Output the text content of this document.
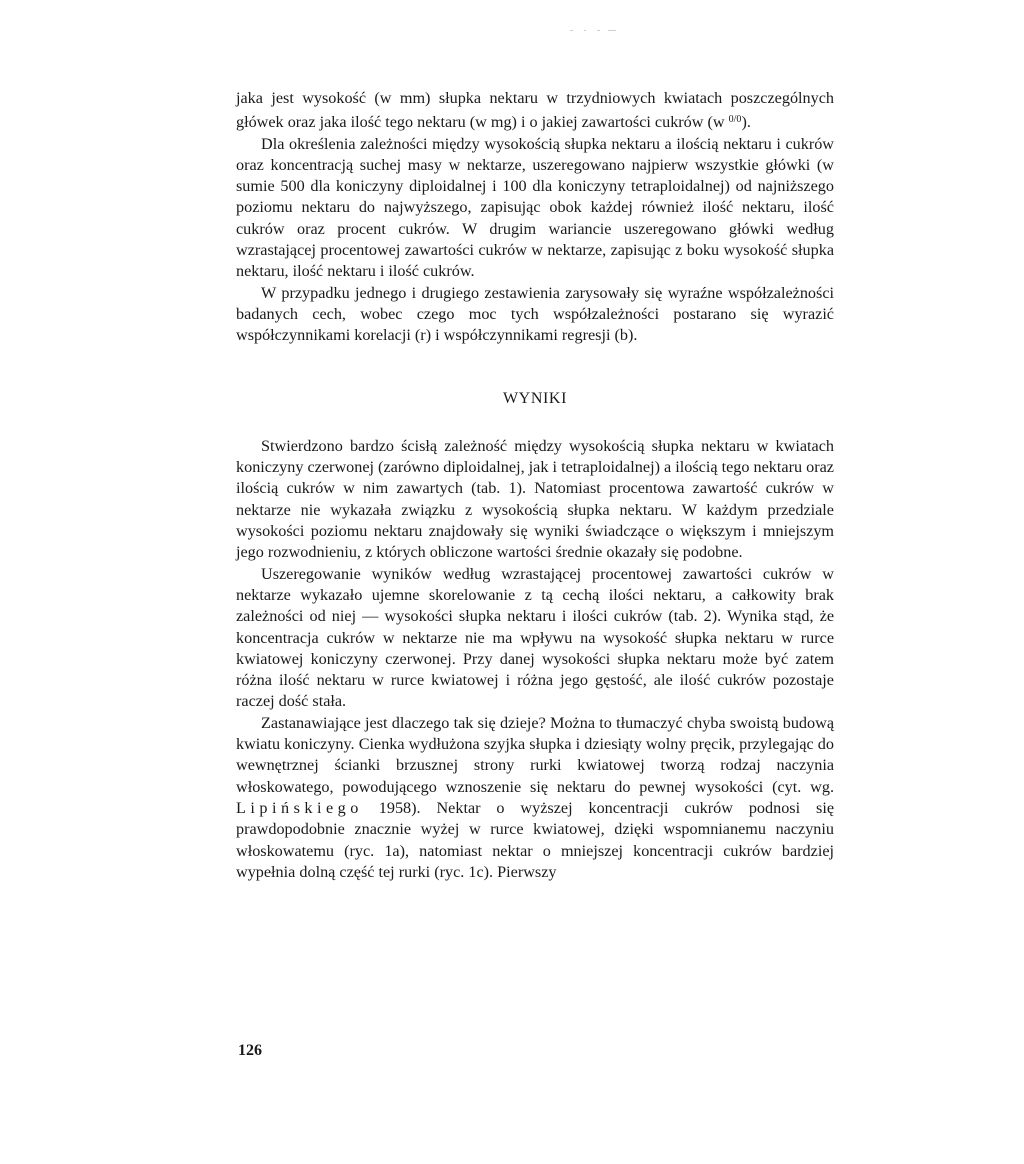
jaka jest wysokość (w mm) słupka nektaru w trzydniowych kwiatach poszczególnych główek oraz jaka ilość tego nektaru (w mg) i o jakiej zawartości cukrów (w $^{0/0}$).

Dla określenia zależności między wysokością słupka nektaru a ilością nektaru i cukrów oraz koncentracją suchej masy w nektarze, uszeregowano najpierw wszystkie główki (w sumie 500 dla koniczyny diploidalnej i 100 dla koniczyny tetraploidalnej) od najniższego poziomu nektaru do najwyższego, zapisując obok każdej również ilość nektaru, ilość cukrów oraz procent cukrów. W drugim wariancie uszeregowano główki według wzrastającej procentowej zawartości cukrów w nektarze, zapisując z boku wysokość słupka nektaru, ilość nektaru i ilość cukrów.

W przypadku jednego i drugiego zestawienia zarysowały się wyraźne współzależności badanych cech, wobec czego moc tych współzależności postarano się wyrazić współczynnikami korelacji (r) i współczynnikami regresji (b).

WYNIKI

Stwierdzono bardzo ścisłą zależność między wysokością słupka nektaru w kwiatach koniczyny czerwonej (zarówno diploidalnej, jak i tetraploidalnej) a ilością tego nektaru oraz ilością cukrów w nim zawartych (tab. 1). Natomiast procentowa zawartość cukrów w nektarze nie wykazała związku z wysokością słupka nektaru. W każdym przedziale wysokości poziomu nektaru znajdowały się wyniki świadczące o większym i mniejszym jego rozwodnieniu, z których obliczone wartości średnie okazały się podobne.

Uszeregowanie wyników według wzrastającej procentowej zawartości cukrów w nektarze wykazało ujemne skorelowanie z tą cechą ilości nektaru, a całkowity brak zależności od niej — wysokości słupka nektaru i ilości cukrów (tab. 2). Wynika stąd, że koncentracja cukrów w nektarze nie ma wpływu na wysokość słupka nektaru w rurce kwiatowej koniczyny czerwonej. Przy danej wysokości słupka nektaru może być zatem różna ilość nektaru w rurce kwiatowej i różna jego gęstość, ale ilość cukrów pozostaje raczej dość stała.

Zastanawiające jest dlaczego tak się dzieje? Można to tłumaczyć chyba swoistą budową kwiatu koniczyny. Cienka wydłużona szyjka słupka i dziesiąty wolny pręcik, przylegając do wewnętrznej ścianki brzusznej strony rurki kwiatowej tworzą rodzaj naczynia włoskowatego, powodującego wznoszenie się nektaru do pewnej wysokości (cyt. wg. Lipińskiego 1958). Nektar o wyższej koncentracji cukrów podnosi się prawdopodobnie znacznie wyżej w rurce kwiatowej, dzięki wspomnianemu naczyniu włoskowatemu (ryc. 1a), natomiast nektar o mniejszej koncentracji cukrów bardziej wypełnia dolną część tej rurki (ryc. 1c). Pierwszy

126
